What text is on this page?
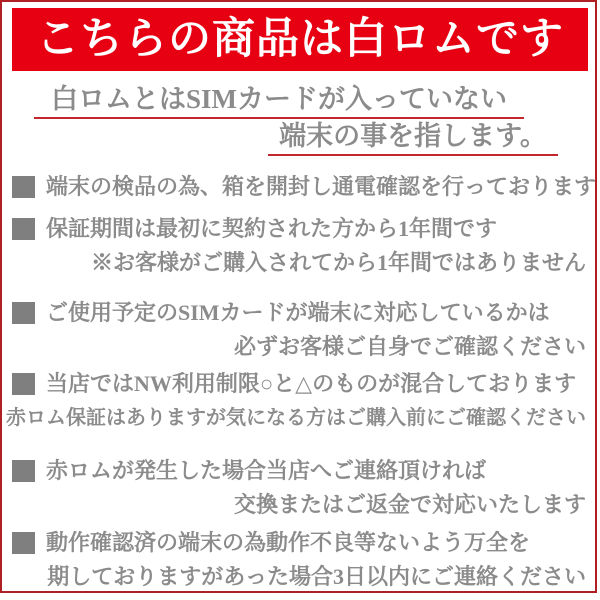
こちらの商品は白ロムです
白ロムとはSIMカードが入っていない
端末の事を指します。
端末の検品の為、箱を開封し通電確認を行っております
保証期間は最初に契約された方から1年間です
※お客様がご購入されてから1年間ではありません
ご使用予定のSIMカードが端末に対応しているかは
必ずお客様ご自身でご確認ください
当店ではNW利用制限○と△のものが混合しております
赤ロム保証はありますが気になる方はご購入前にご確認ください
赤ロムが発生した場合当店へご連絡頂ければ
交換またはご返金で対応いたします
動作確認済の端末の為動作不良等ないよう万全を
期しておりますがあった場合3日以内にご連絡ください
